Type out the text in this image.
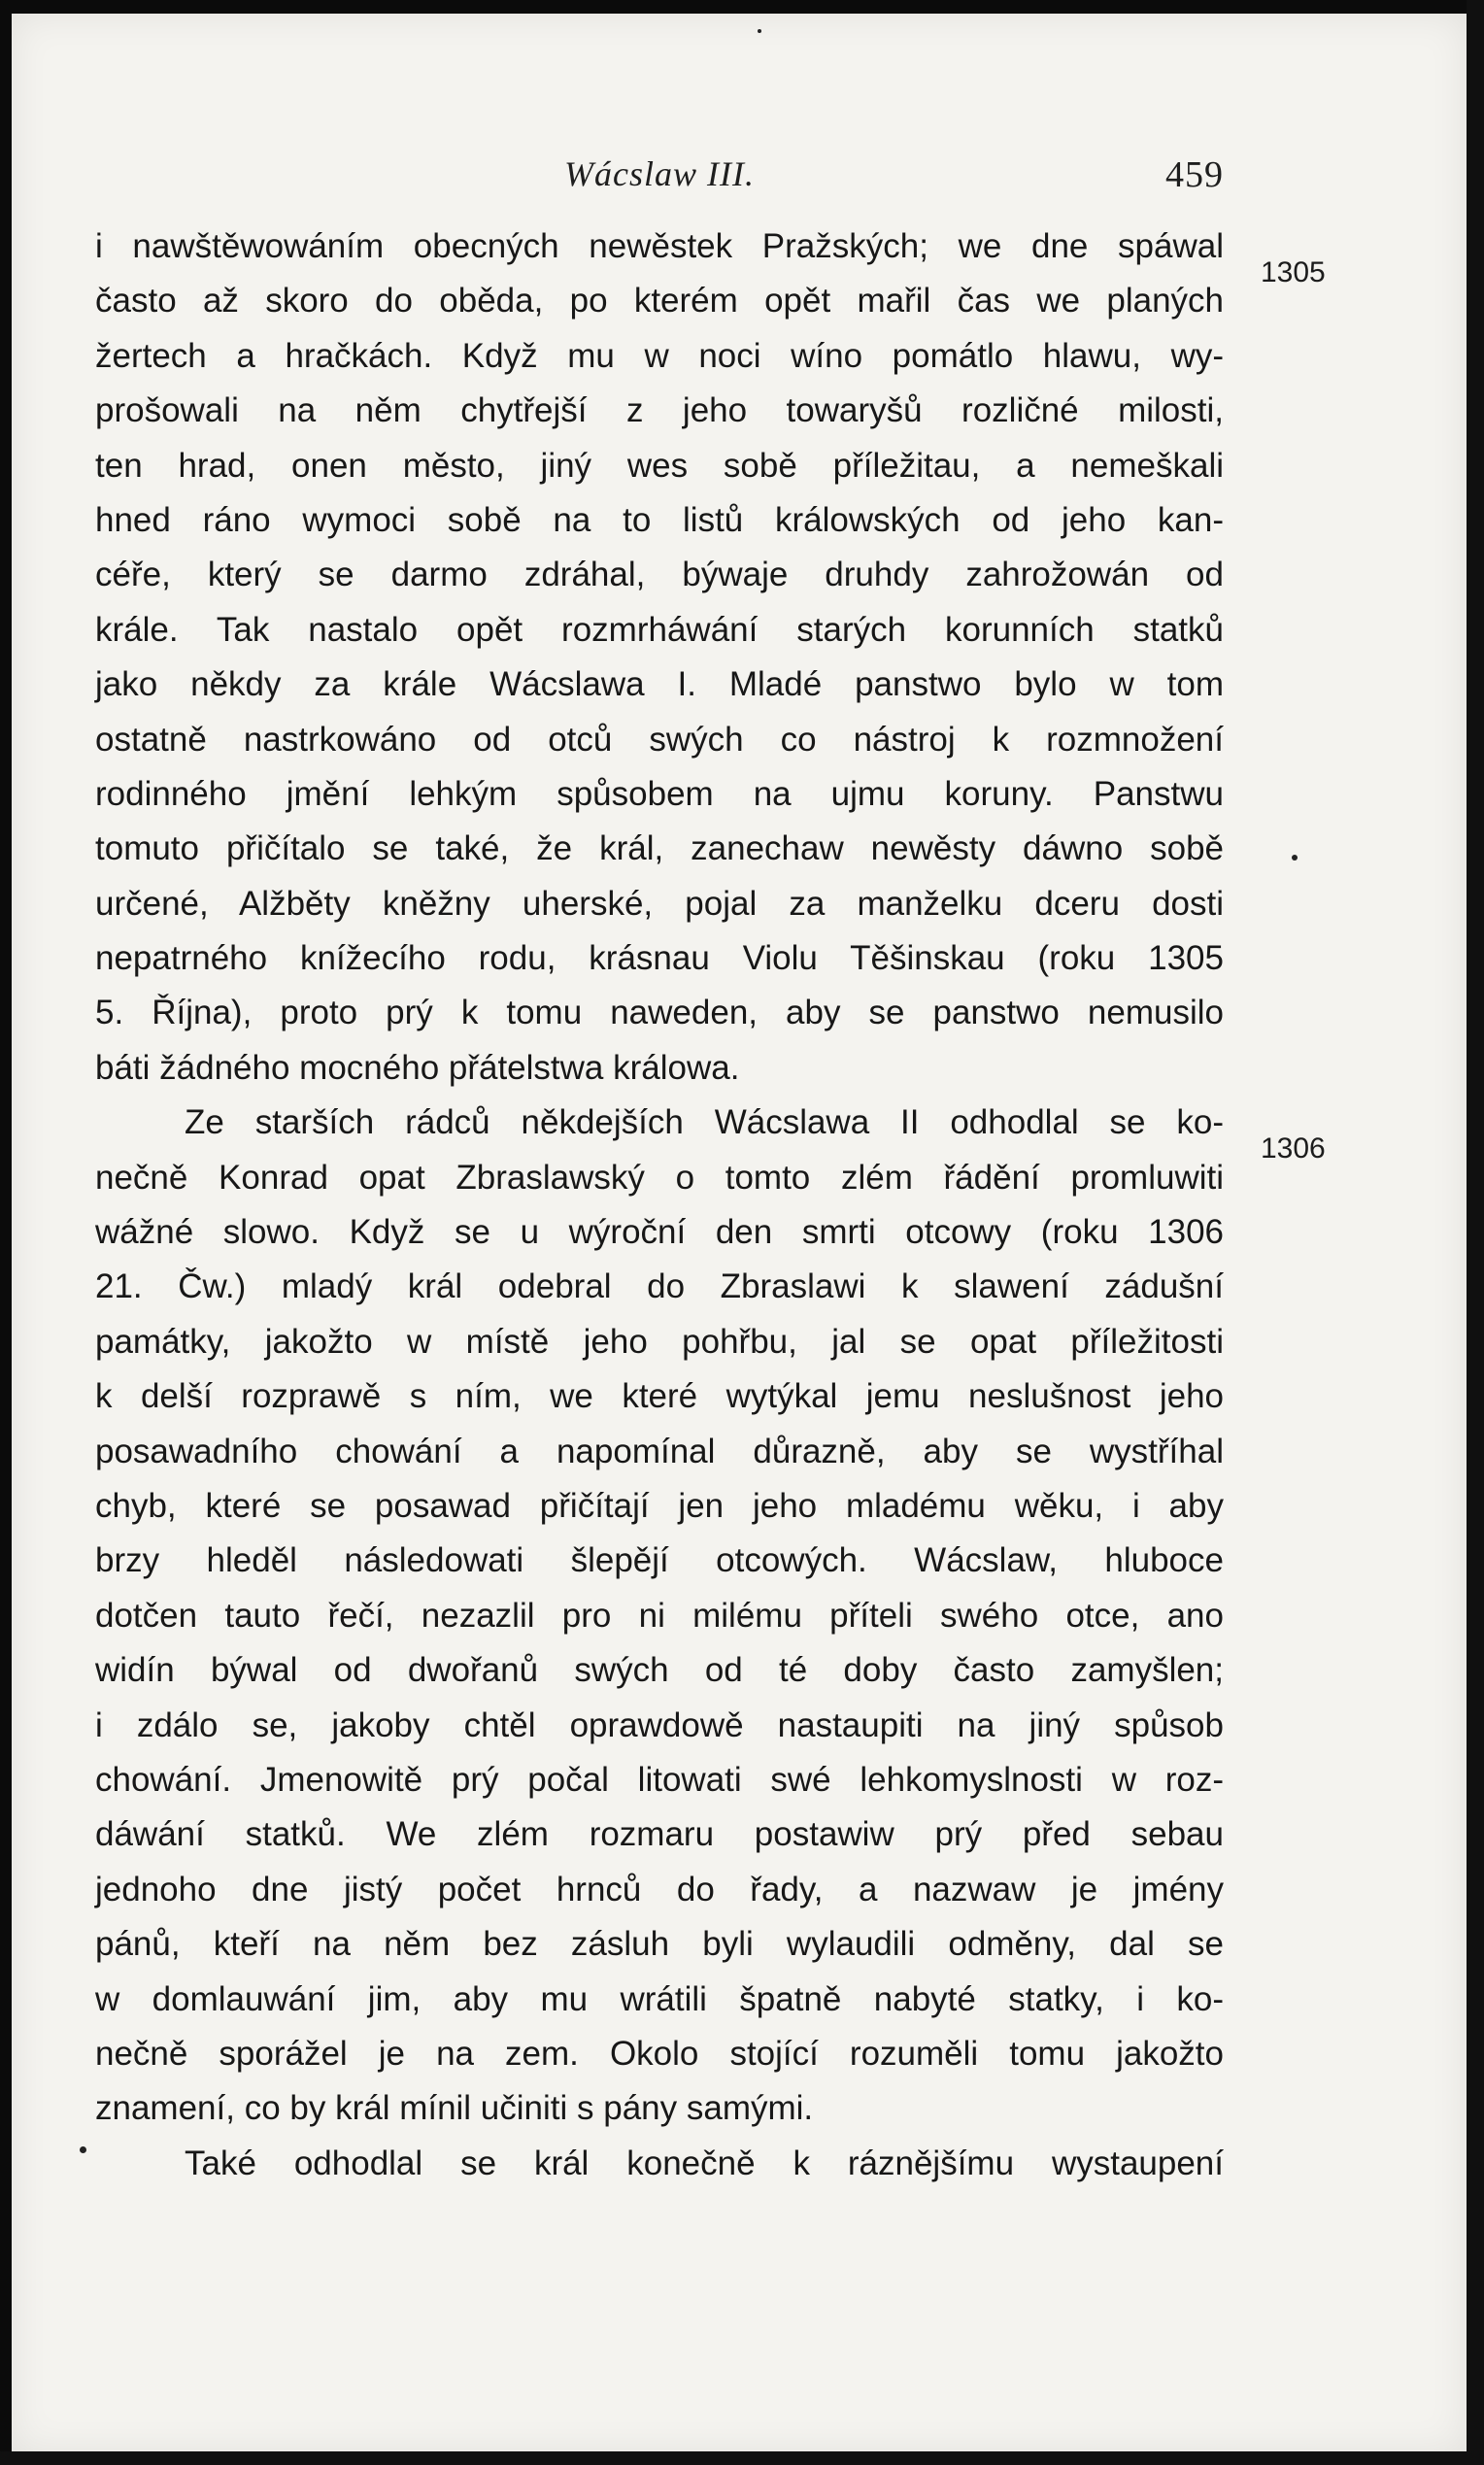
Wácslaw III.	459
1305
1306
i nawštěwowáním obecných newěstek Pražských; we dne spáwal
často až skoro do oběda, po kterém opět mařil čas we planých
žertech a hračkách. Když mu w noci wíno pomátlo hlawu, wy-
prošowali na něm chytřejší z jeho towaryšů rozličné milosti,
ten hrad, onen město, jiný wes sobě příležitau, a nemeškali
hned ráno wymoci sobě na to listů králowských od jeho kan-
céře, který se darmo zdráhal, býwaje druhdy zahrožowán od
krále. Tak nastalo opět rozmrháwání starých korunních statků
jako někdy za krále Wácslawa I. Mladé panstwo bylo w tom
ostatně nastrkowáno od otců swých co nástroj k rozmnožení
rodinného jmění lehkým spůsobem na ujmu koruny. Panstwu
tomuto přičítalo se také, že král, zanechaw newěsty dáwno sobě
určené, Alžběty kněžny uherské, pojal za manželku dceru dosti
nepatrného knížecího rodu, krásnau Violu Těšinskau (roku 1305
5. Října), proto prý k tomu naweden, aby se panstwo nemusilo
báti žádného mocného přátelstwa králowa.
Ze starších rádců někdejších Wácslawa II odhodlal se ko-
nečně Konrad opat Zbraslawský o tomto zlém řádění promluwiti
wážné slowo. Když se u wýroční den smrti otcowy (roku 1306
21. Čw.) mladý král odebral do Zbraslawi k slawení zádušní
památky, jakožto w místě jeho pohřbu, jal se opat příležitosti
k delší rozprawě s ním, we které wytýkal jemu neslušnost jeho
posawadního chowání a napomínal důrazně, aby se wystříhal
chyb, které se posawad přičítají jen jeho mladému wěku, i aby
brzy hleděl následowati šlepějí otcowých. Wácslaw, hluboce
dotčen tauto řečí, nezazlil pro ni milému příteli swého otce, ano
widín býwal od dwořanů swých od té doby často zamyšlen;
i zdálo se, jakoby chtěl oprawdowě nastaupiti na jiný spůsob
chowání. Jmenowitě prý počal litowati swé lehkomyslnosti w roz-
dáwání statků. We zlém rozmaru postawiw prý před sebau
jednoho dne jistý počet hrnců do řady, a nazwaw je jmény
pánů, kteří na něm bez zásluh byli wylaudili odměny, dal se
w domlauwání jim, aby mu wrátili špatně nabyté statky, i ko-
nečně sporážel je na zem. Okolo stojící rozuměli tomu jakožto
znamení, co by král mínil učiniti s pány samými.
Také odhodlal se král konečně k ráznějšímu wystaupení
